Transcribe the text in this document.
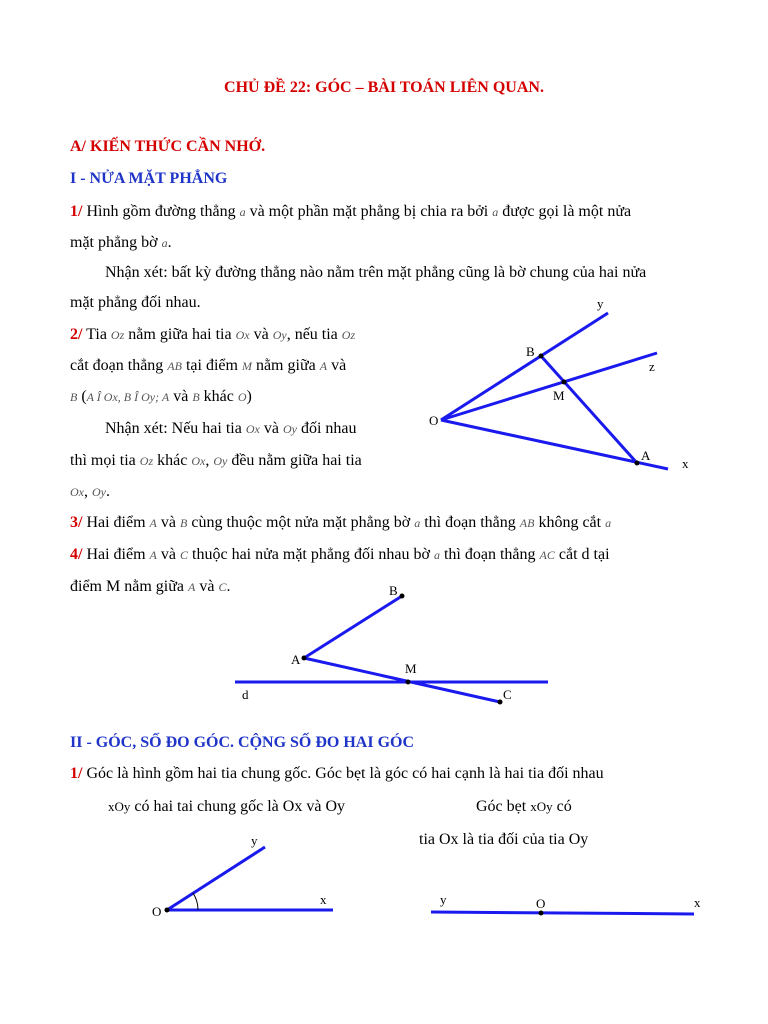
CHỦ ĐỀ 22: GÓC – BÀI TOÁN LIÊN QUAN.
A/ KIẾN THỨC CẦN NHỚ.
I - NỬA MẶT PHẲNG
1/ Hình gồm đường thẳng a và một phần mặt phẳng bị chia ra bởi a được gọi là một nửa
mặt phẳng bờ a.
Nhận xét: bất kỳ đường thẳng nào nằm trên mặt phẳng cũng là bờ chung của hai nửa
mặt phẳng đối nhau.
2/ Tia Oz nằm giữa hai tia Ox và Oy, nếu tia Oz
cắt đoạn thẳng AB tại điểm M nằm giữa A và
B (A Î Ox, B Î Oy; A và B khác O)
Nhận xét: Nếu hai tia Ox và Oy đối nhau
thì mọi tia Oz khác Ox, Oy đều nằm giữa hai tia
Ox, Oy.
3/ Hai điểm A và B cùng thuộc một nửa mặt phẳng bờ a thì đoạn thẳng AB không cắt a
4/ Hai điểm A và C thuộc hai nửa mặt phẳng đối nhau bờ a thì đoạn thẳng AC cắt d tại
điểm M nằm giữa A và C.
II - GÓC, SỐ ĐO GÓC. CỘNG SỐ ĐO HAI GÓC
1/ Góc là hình gồm hai tia chung gốc. Góc bẹt là góc có hai cạnh là hai tia đối nhau
xOy có hai tai chung gốc là Ox và Oy	Góc bẹt xOy có
tia Ox là tia đối của tia Oy
y
B
z
M
O
A
x
B
A
M
d	C
y
x
O
y	O	x
